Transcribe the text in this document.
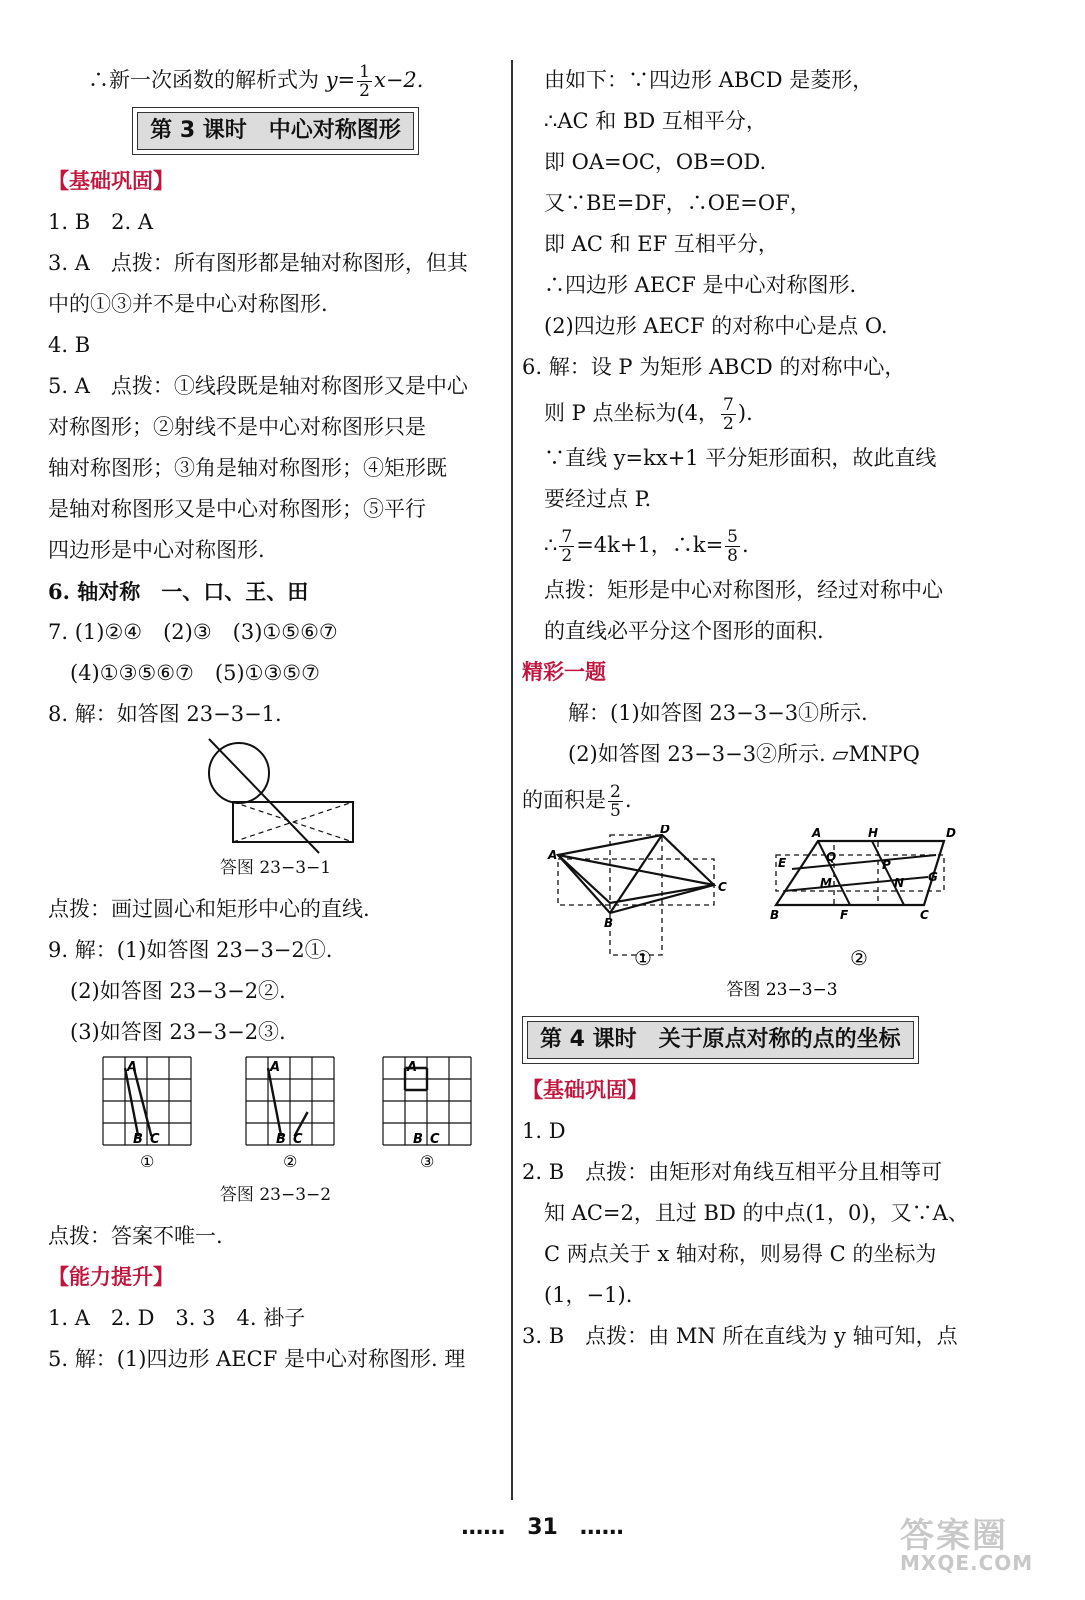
∴新一次函数的解析式为 $y= \frac{1}{2} x-2$.
第 3 课时　中心对称图形
【基础巩固】
1. B　2. A
3. A　点拨：所有图形都是轴对称图形，但其
中的①③并不是中心对称图形.
4. B
5. A　点拨：①线段既是轴对称图形又是中心
对称图形；②射线不是中心对称图形只是
轴对称图形；③角是轴对称图形；④矩形既
是轴对称图形又是中心对称图形；⑤平行
四边形是中心对称图形.
6. 轴对称　一、口、王、田
7. (1)②④　(2)③　(3)①⑤⑥⑦
(4)①③⑤⑥⑦　(5)①③⑤⑦
8. 解：如答图 23−3−1.
答图 23−3−1
点拨：画过圆心和矩形中心的直线.
9. 解：(1)如答图 23−3−2①.
(2)如答图 23−3−2②.
(3)如答图 23−3−2③.
A
B C
①
A
B C
②
A
B C
③
答图 23−3−2
点拨：答案不唯一.
【能力提升】
1. A　2. D　3. 3　4. 褂子
5. 解：(1)四边形 AECF 是中心对称图形. 理
由如下：∵四边形 ABCD 是菱形，
∴AC 和 BD 互相平分，
即 OA=OC，OB=OD.
又∵BE=DF，∴OE=OF，
即 AC 和 EF 互相平分，
∴四边形 AECF 是中心对称图形.
(2)四边形 AECF 的对称中心是点 O.
6. 解：设 P 为矩形 ABCD 的对称中心，
则 P 点坐标为(4， $\frac{7}{2}$ ).
∵直线 y=kx+1 平分矩形面积，故此直线
要经过点 P.
∴ $\frac{7}{2} =4k+1$，∴k= $\frac{5}{8}$ .
点拨：矩形是中心对称图形，经过对称中心
的直线必平分这个图形的面积.
精彩一题
解：(1)如答图 23−3−3①所示.
(2)如答图 23−3−3②所示. ▱MNPQ
的面积是 $\frac{2}{5}$ .
A
B
C
D	A	H	D
E	Q
P
M	N G
B	F	C
①	②
答图 23−3−3
第 4 课时　关于原点对称的点的坐标
【基础巩固】
1. D
2. B　点拨：由矩形对角线互相平分且相等可
知 AC=2，且过 BD 的中点(1，0)，又∵A、
C 两点关于 x 轴对称，则易得 C 的坐标为
(1，−1).
3. B　点拨：由 MN 所在直线为 y 轴可知，点
……　31　……	答案圈
MXQE.COM
